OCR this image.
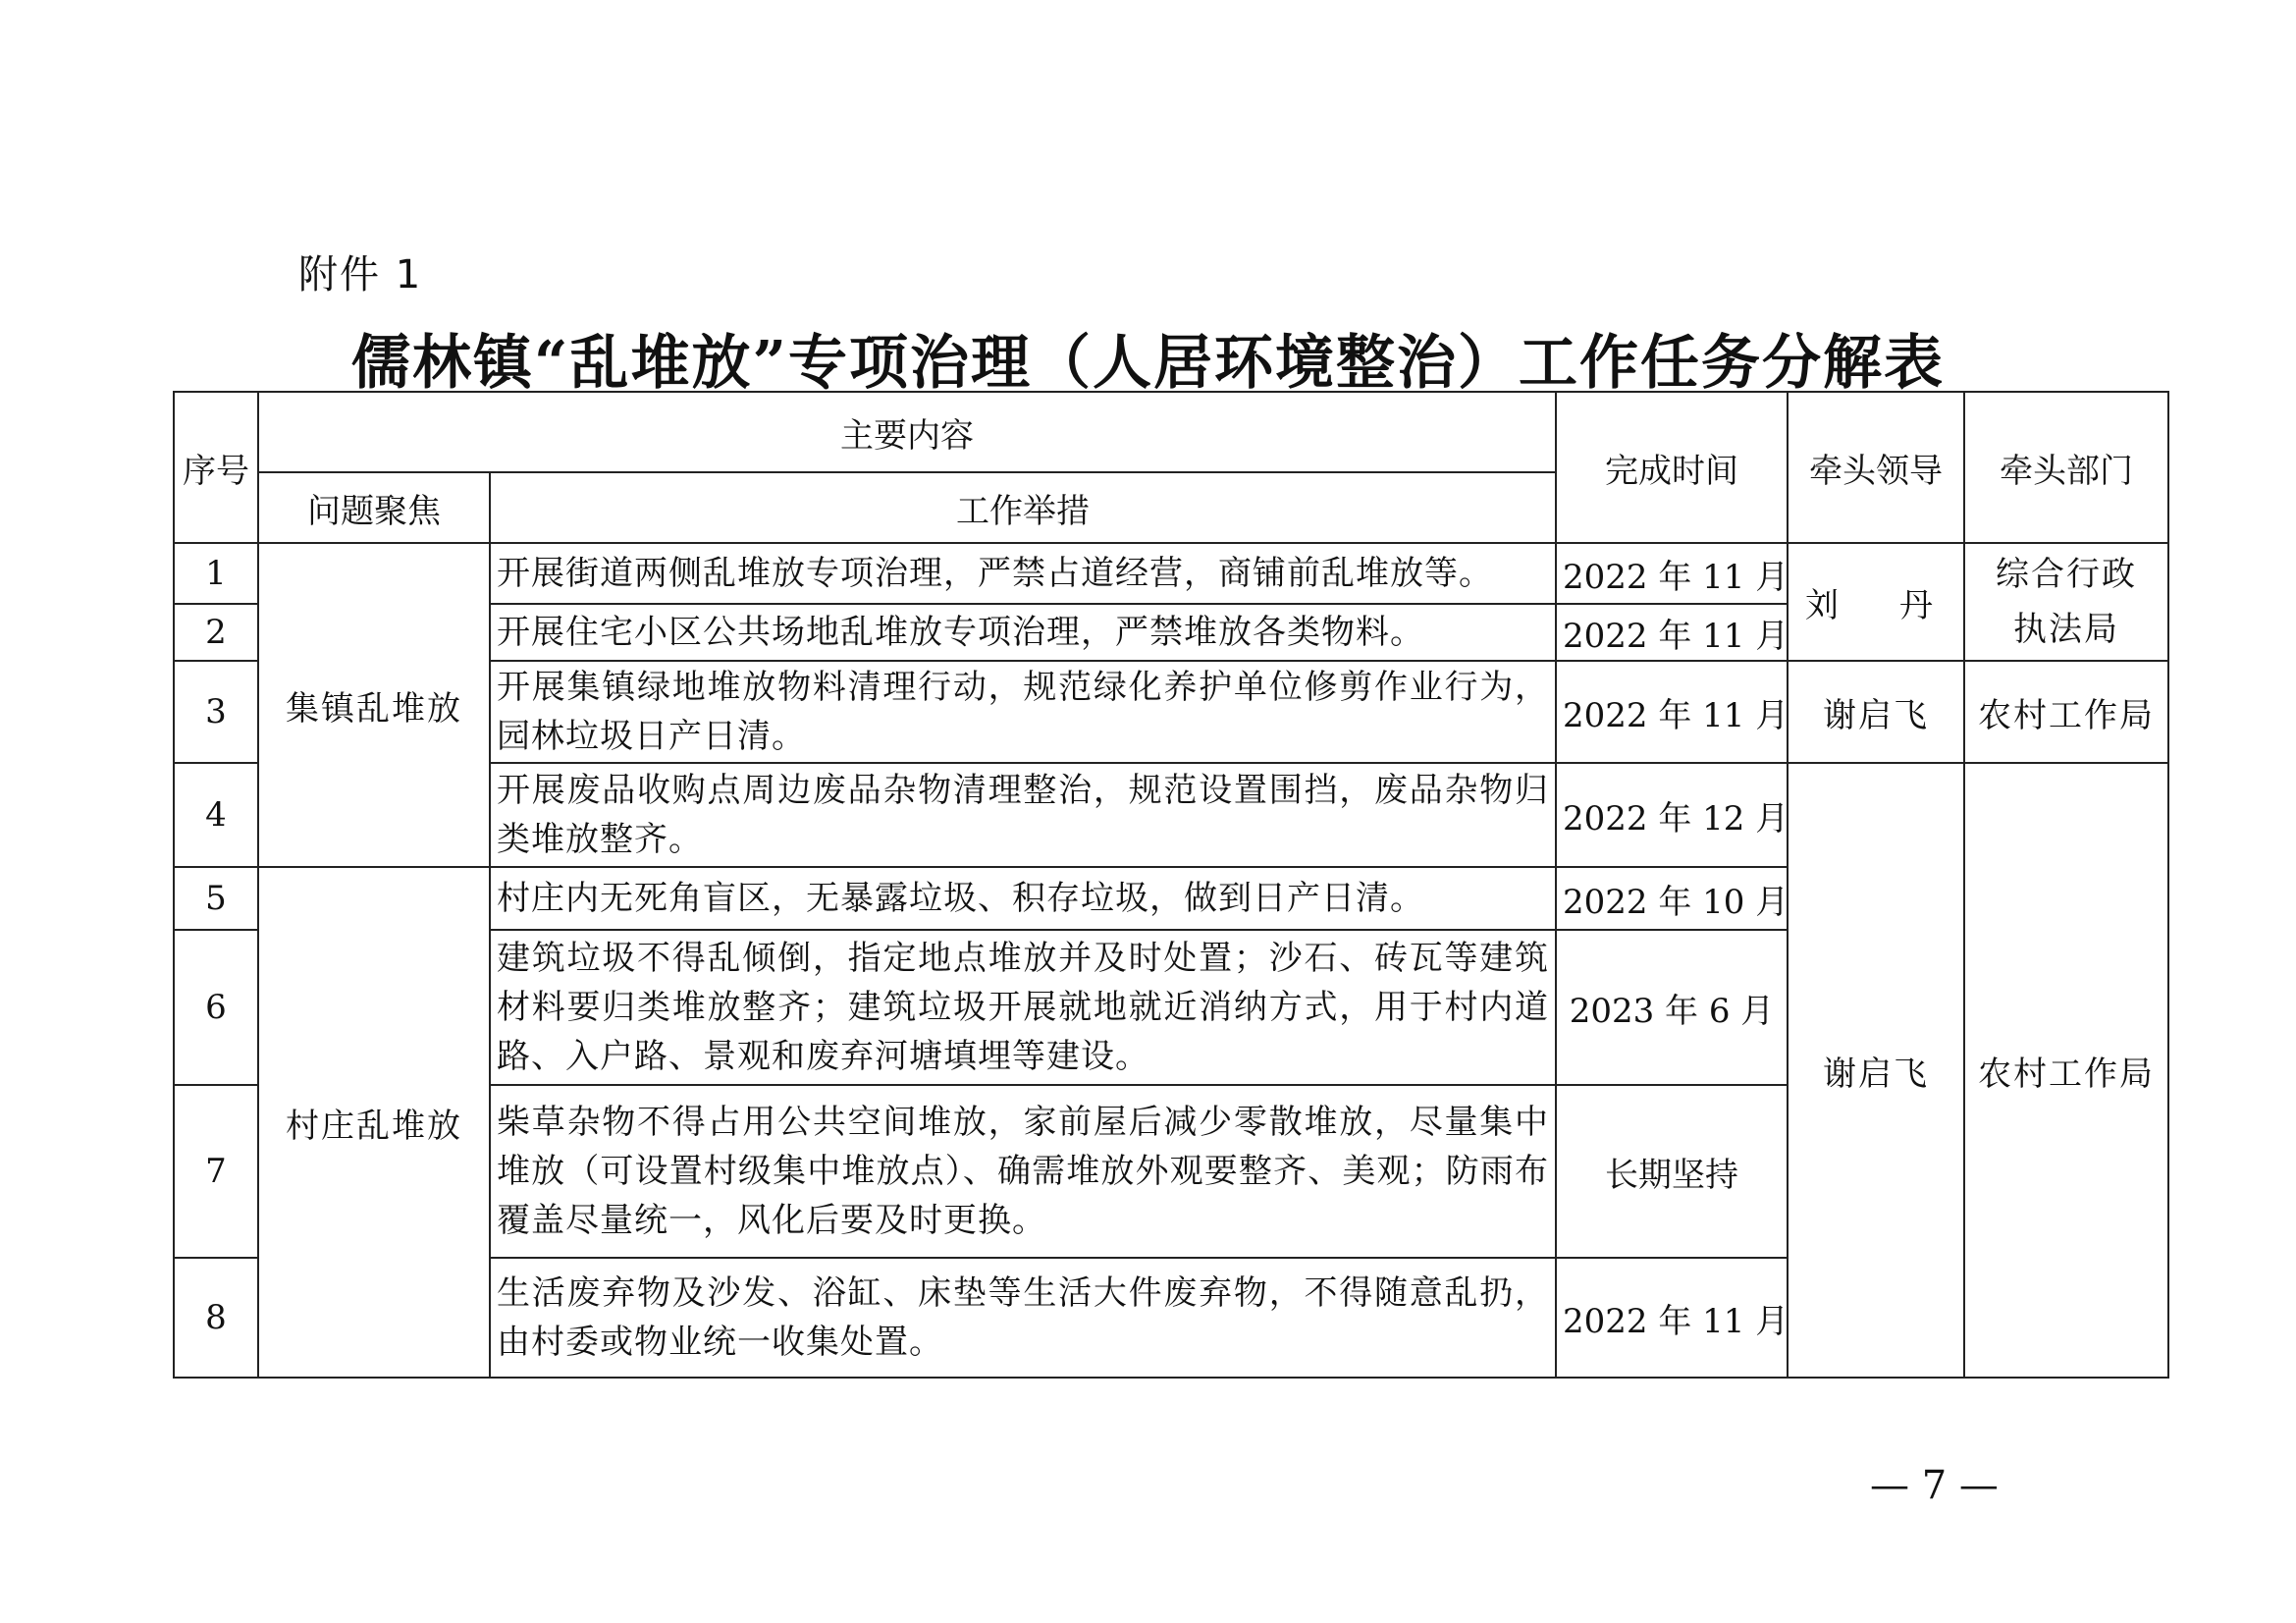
附件 1
儒林镇“乱堆放”专项治理（人居环境整治）工作任务分解表
序号	主要内容		完成时间	牵头领导	牵头部门
	问题聚焦	工作举措			
1	集镇乱堆放	开展街道两侧乱堆放专项治理，严禁占道经营，商铺前乱堆放等。	2022 年 11 月	刘　丹	综合行政执法局
2		开展住宅小区公共场地乱堆放专项治理，严禁堆放各类物料。	2022 年 11 月		
3		开展集镇绿地堆放物料清理行动，规范绿化养护单位修剪作业行为，园林垃圾日产日清。	2022 年 11 月	谢启飞	农村工作局
4		开展废品收购点周边废品杂物清理整治，规范设置围挡，废品杂物归类堆放整齐。	2022 年 12 月	谢启飞	农村工作局
5	村庄乱堆放	村庄内无死角盲区，无暴露垃圾、积存垃圾，做到日产日清。	2022 年 10 月		
6		建筑垃圾不得乱倾倒，指定地点堆放并及时处置；沙石、砖瓦等建筑材料要归类堆放整齐；建筑垃圾开展就地就近消纳方式，用于村内道路、入户路、景观和废弃河塘填埋等建设。	2023 年 6 月		
7		柴草杂物不得占用公共空间堆放，家前屋后减少零散堆放，尽量集中堆放（可设置村级集中堆放点）、确需堆放外观要整齐、美观；防雨布覆盖尽量统一，风化后要及时更换。	长期坚持		
8		生活废弃物及沙发、浴缸、床垫等生活大件废弃物，不得随意乱扔，由村委或物业统一收集处置。	2022 年 11 月		
— 7 —
